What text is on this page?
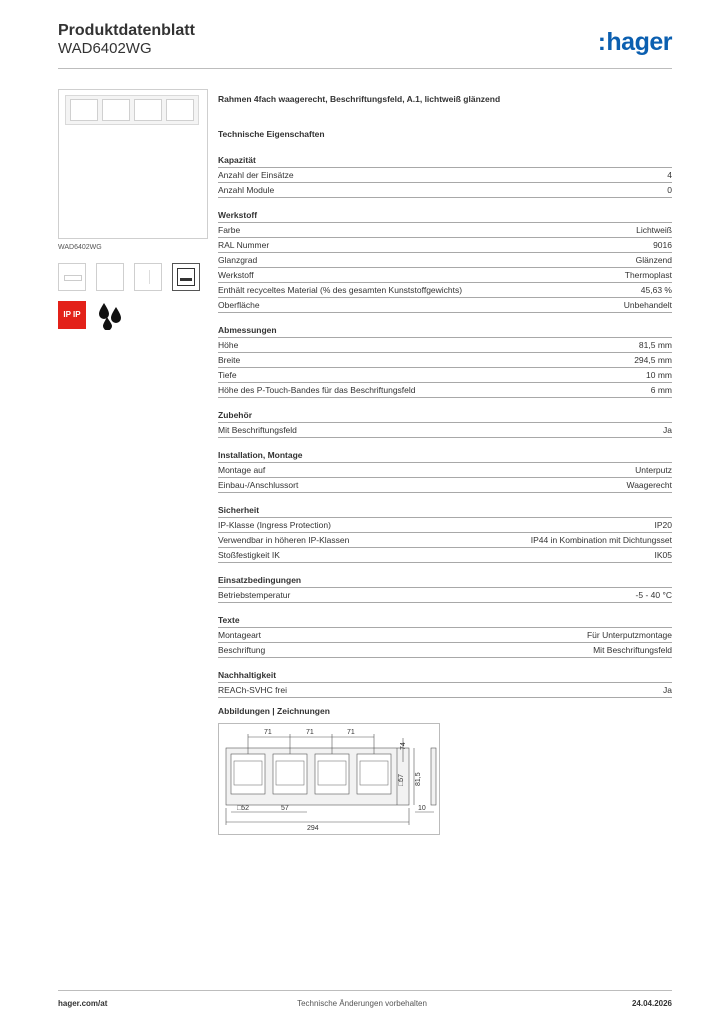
Produktdatenblatt
WAD6402WG	:hager
WAD6402WG
IP IP
Rahmen 4fach waagerecht, Beschriftungsfeld, A.1, lichtweiß glänzend
Technische Eigenschaften
Kapazität
Anzahl der Einsätze	4
Anzahl Module	0
Werkstoff
Farbe	Lichtweiß
RAL Nummer	9016
Glanzgrad	Glänzend
Werkstoff	Thermoplast
Enthält recyceltes Material (% des gesamten Kunststoffgewichts)	45,63 %
Oberfläche	Unbehandelt
Abmessungen
Höhe	81,5 mm
Breite	294,5 mm
Tiefe	10 mm
Höhe des P-Touch-Bandes für das Beschriftungsfeld	6 mm
Zubehör
Mit Beschriftungsfeld	Ja
Installation, Montage
Montage auf	Unterputz
Einbau-/Anschlussort	Waagerecht
Sicherheit
IP-Klasse (Ingress Protection)	IP20
Verwendbar in höheren IP-Klassen	IP44 in Kombination mit Dichtungsset
Stoßfestigkeit IK	IK05
Einsatzbedingungen
Betriebstemperatur	-5 - 40 °C
Texte
Montageart	Für Unterputzmontage
Beschriftung	Mit Beschriftungsfeld
Nachhaltigkeit
REACh-SVHC frei	Ja
Abbildungen | Zeichnungen
71	71	71
74
□57 81,5
□52	57	10
294
hager.com/at	Technische Änderungen vorbehalten	24.04.2026
